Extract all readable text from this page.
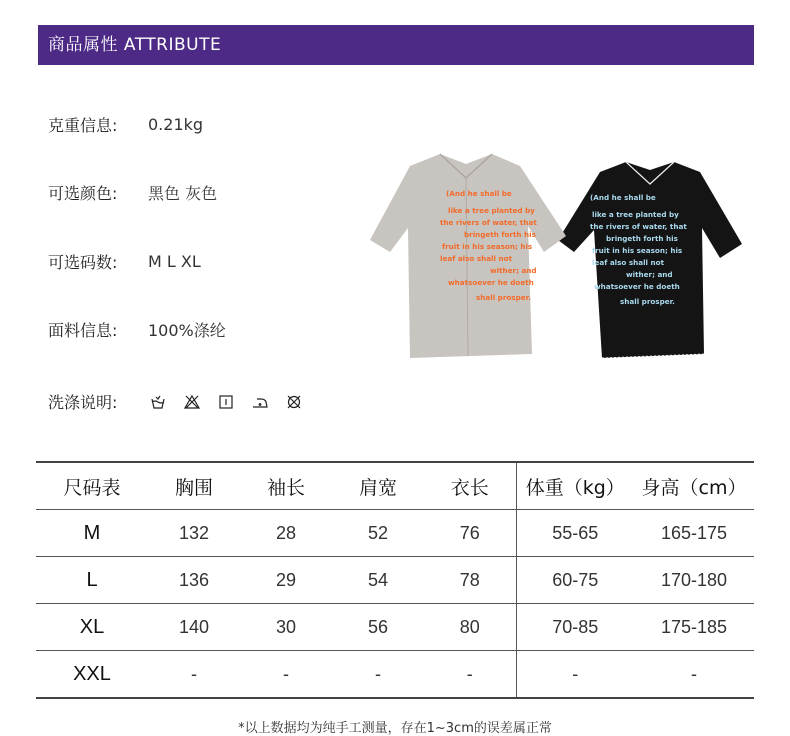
商品属性 ATTRIBUTE
克重信息:	0.21kg
可选颜色:	黑色 灰色
可选码数:	M L XL
面料信息:	100%涤纶
洗涤说明:
(And he shall be like a tree planted by the rivers of water, that bringeth forth his fruit in his season; his leaf also shall not wither; and whatsoever he doeth shall prosper.
(And he shall be like a tree planted by the rivers of water, that bringeth forth his fruit in his season; his leaf also shall not wither; and whatsoever he doeth shall prosper.
尺码表	胸围	袖长	肩宽	衣长	体重（kg）	身高（cm）
M	132	28	52	76	55-65	165-175
L	136	29	54	78	60-75	170-180
XL	140	30	56	80	70-85	175-185
XXL	-	-	-	-	-	-
*以上数据均为纯手工测量，存在1~3cm的误差属正常
